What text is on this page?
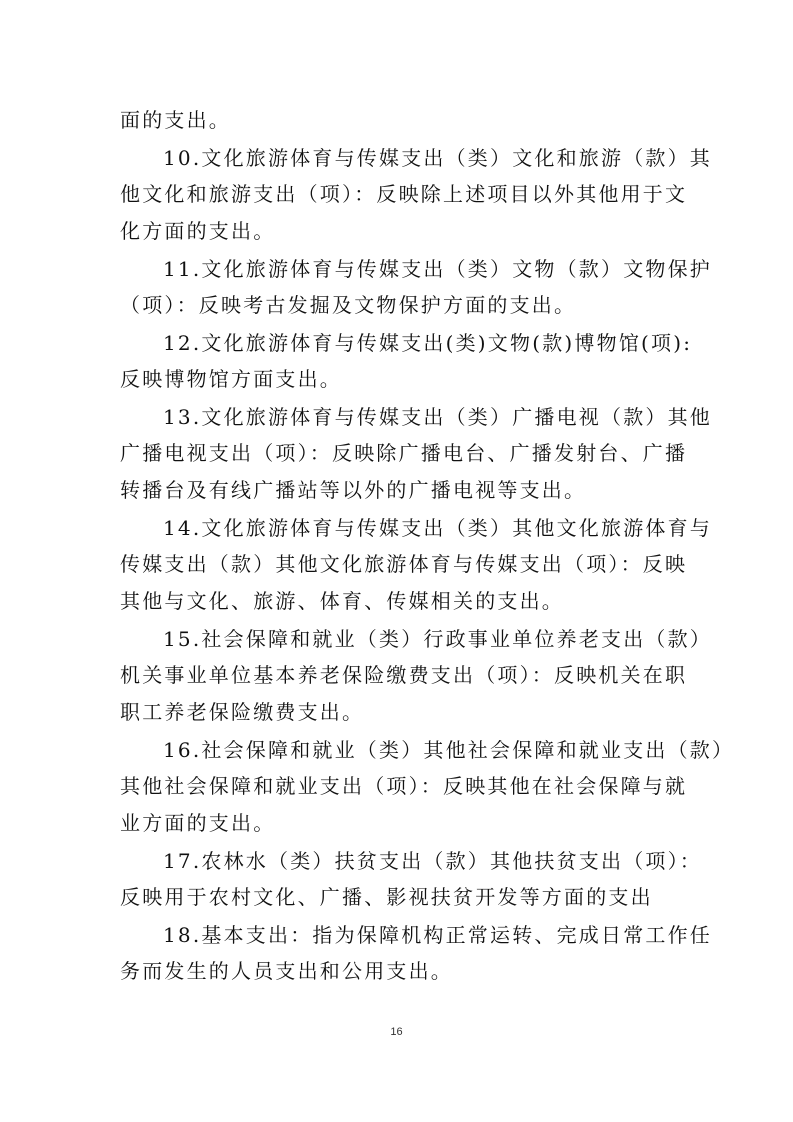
面的支出。
10.文化旅游体育与传媒支出（类）文化和旅游（款）其
他文化和旅游支出（项）：反映除上述项目以外其他用于文
化方面的支出。
11.文化旅游体育与传媒支出（类）文物（款）文物保护
（项）：反映考古发掘及文物保护方面的支出。
12.文化旅游体育与传媒支出(类)文物(款)博物馆(项):
反映博物馆方面支出。
13.文化旅游体育与传媒支出（类）广播电视（款）其他
广播电视支出（项）：反映除广播电台、广播发射台、广播
转播台及有线广播站等以外的广播电视等支出。
14.文化旅游体育与传媒支出（类）其他文化旅游体育与
传媒支出（款）其他文化旅游体育与传媒支出（项）：反映
其他与文化、旅游、体育、传媒相关的支出。
15.社会保障和就业（类）行政事业单位养老支出（款）
机关事业单位基本养老保险缴费支出（项）：反映机关在职
职工养老保险缴费支出。
16.社会保障和就业（类）其他社会保障和就业支出（款）
其他社会保障和就业支出（项）：反映其他在社会保障与就
业方面的支出。
17.农林水（类）扶贫支出（款）其他扶贫支出（项）：
反映用于农村文化、广播、影视扶贫开发等方面的支出
18.基本支出：指为保障机构正常运转、完成日常工作任
务而发生的人员支出和公用支出。
16
